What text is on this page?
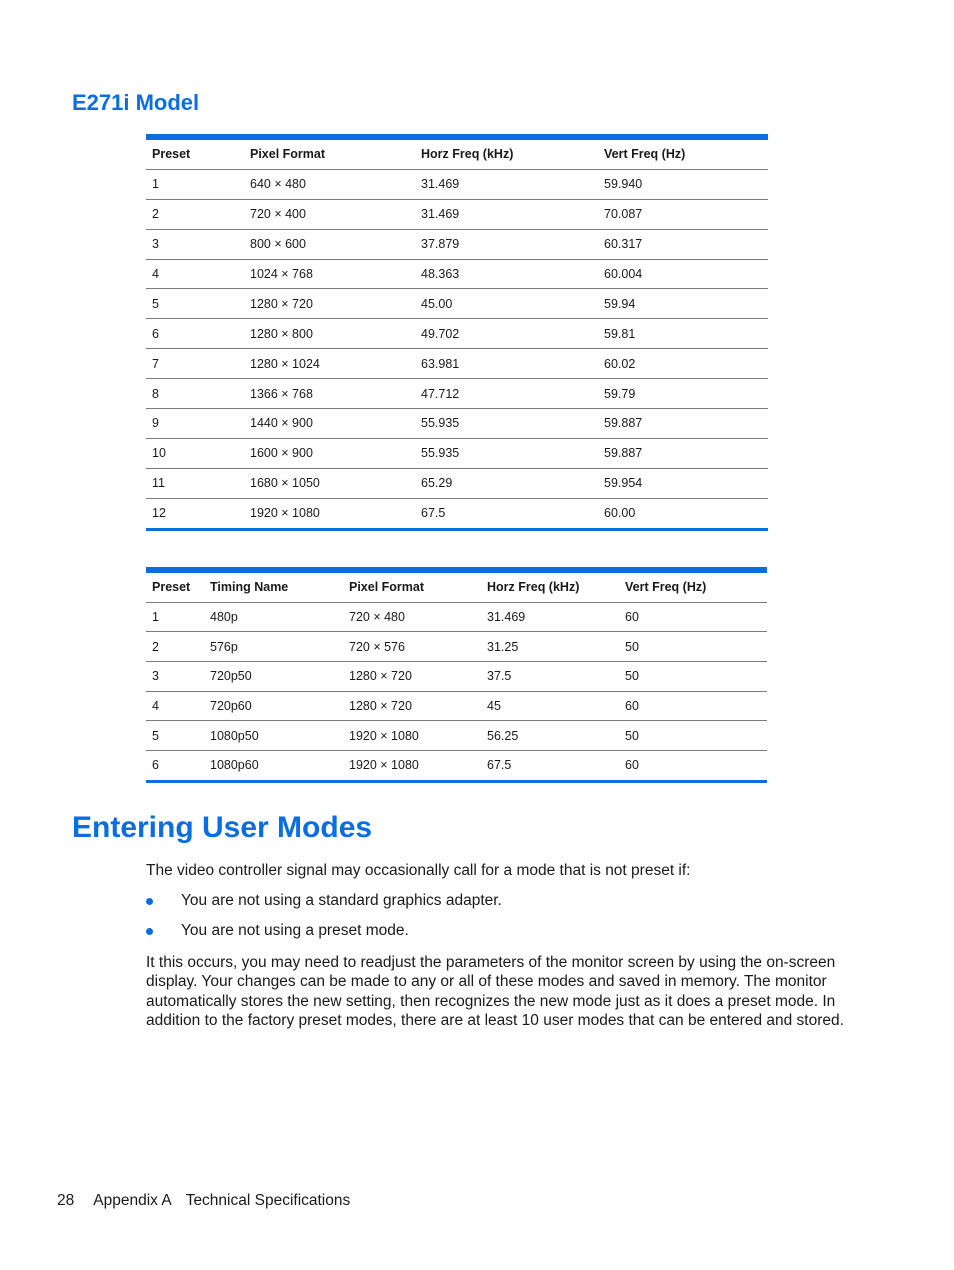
E271i Model
Preset	Pixel Format	Horz Freq (kHz)	Vert Freq (Hz)
1	640 × 480	31.469	59.940
2	720 × 400	31.469	70.087
3	800 × 600	37.879	60.317
4	1024 × 768	48.363	60.004
5	1280 × 720	45.00	59.94
6	1280 × 800	49.702	59.81
7	1280 × 1024	63.981	60.02
8	1366 × 768	47.712	59.79
9	1440 × 900	55.935	59.887
10	1600 × 900	55.935	59.887
11	1680 × 1050	65.29	59.954
12	1920 × 1080	67.5	60.00
Preset	Timing Name	Pixel Format	Horz Freq (kHz)	Vert Freq (Hz)
1	480p	720 × 480	31.469	60
2	576p	720 × 576	31.25	50
3	720p50	1280 × 720	37.5	50
4	720p60	1280 × 720	45	60
5	1080p50	1920 × 1080	56.25	50
6	1080p60	1920 × 1080	67.5	60
Entering User Modes

The video controller signal may occasionally call for a mode that is not preset if:

You are not using a standard graphics adapter.
You are not using a preset mode.

It this occurs, you may need to readjust the parameters of the monitor screen by using the on-screen display. Your changes can be made to any or all of these modes and saved in memory. The monitor automatically stores the new setting, then recognizes the new mode just as it does a preset mode. In addition to the factory preset modes, there are at least 10 user modes that can be entered and stored.

28 Appendix A Technical Specifications
